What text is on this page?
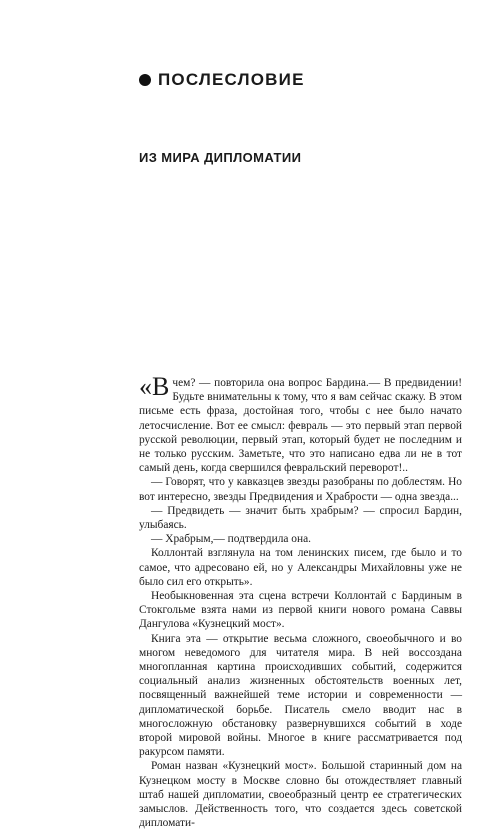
ПОСЛЕСЛОВИЕ
ИЗ МИРА ДИПЛОМАТИИ

«Вчем? — повторила она вопрос Бардина.— В предвидении! Будьте внимательны к тому, что я вам сейчас скажу. В этом письме есть фраза, достойная того, чтобы с нее было начато летосчисление. Вот ее смысл: февраль — это первый этап первой русской революции, первый этап, который будет не последним и не только русским. Заметьте, что это написано едва ли не в тот самый день, когда свершился февральский переворот!..

— Говорят, что у кавказцев звезды разобраны по доблестям. Но вот интересно, звезды Предвидения и Храбрости — одна звезда...

— Предвидеть — значит быть храбрым? — спросил Бардин, улыбаясь.

— Храбрым,— подтвердила она.

Коллонтай взглянула на том ленинских писем, где было и то самое, что адресовано ей, но у Александры Михайловны уже не было сил его открыть».

Необыкновенная эта сцена встречи Коллонтай с Бардиным в Стокгольме взята нами из первой книги нового романа Саввы Дангулова «Кузнецкий мост».

Книга эта — открытие весьма сложного, своеобычного и во многом неведомого для читателя мира. В ней воссоздана многопланная картина происходивших событий, содержится социальный анализ жизненных обстоятельств военных лет, посвященный важнейшей теме истории и современности — дипломатической борьбе. Писатель смело вводит нас в многосложную обстановку развернувшихся событий в ходе второй мировой войны. Многое в книге рассматривается под ракурсом памяти.

Роман назван «Кузнецкий мост». Большой старинный дом на Кузнецком мосту в Москве словно бы отождествляет главный штаб нашей дипломатии, своеобразный центр ее стратегических замыслов. Действенность того, что создается здесь советской дипломати-
